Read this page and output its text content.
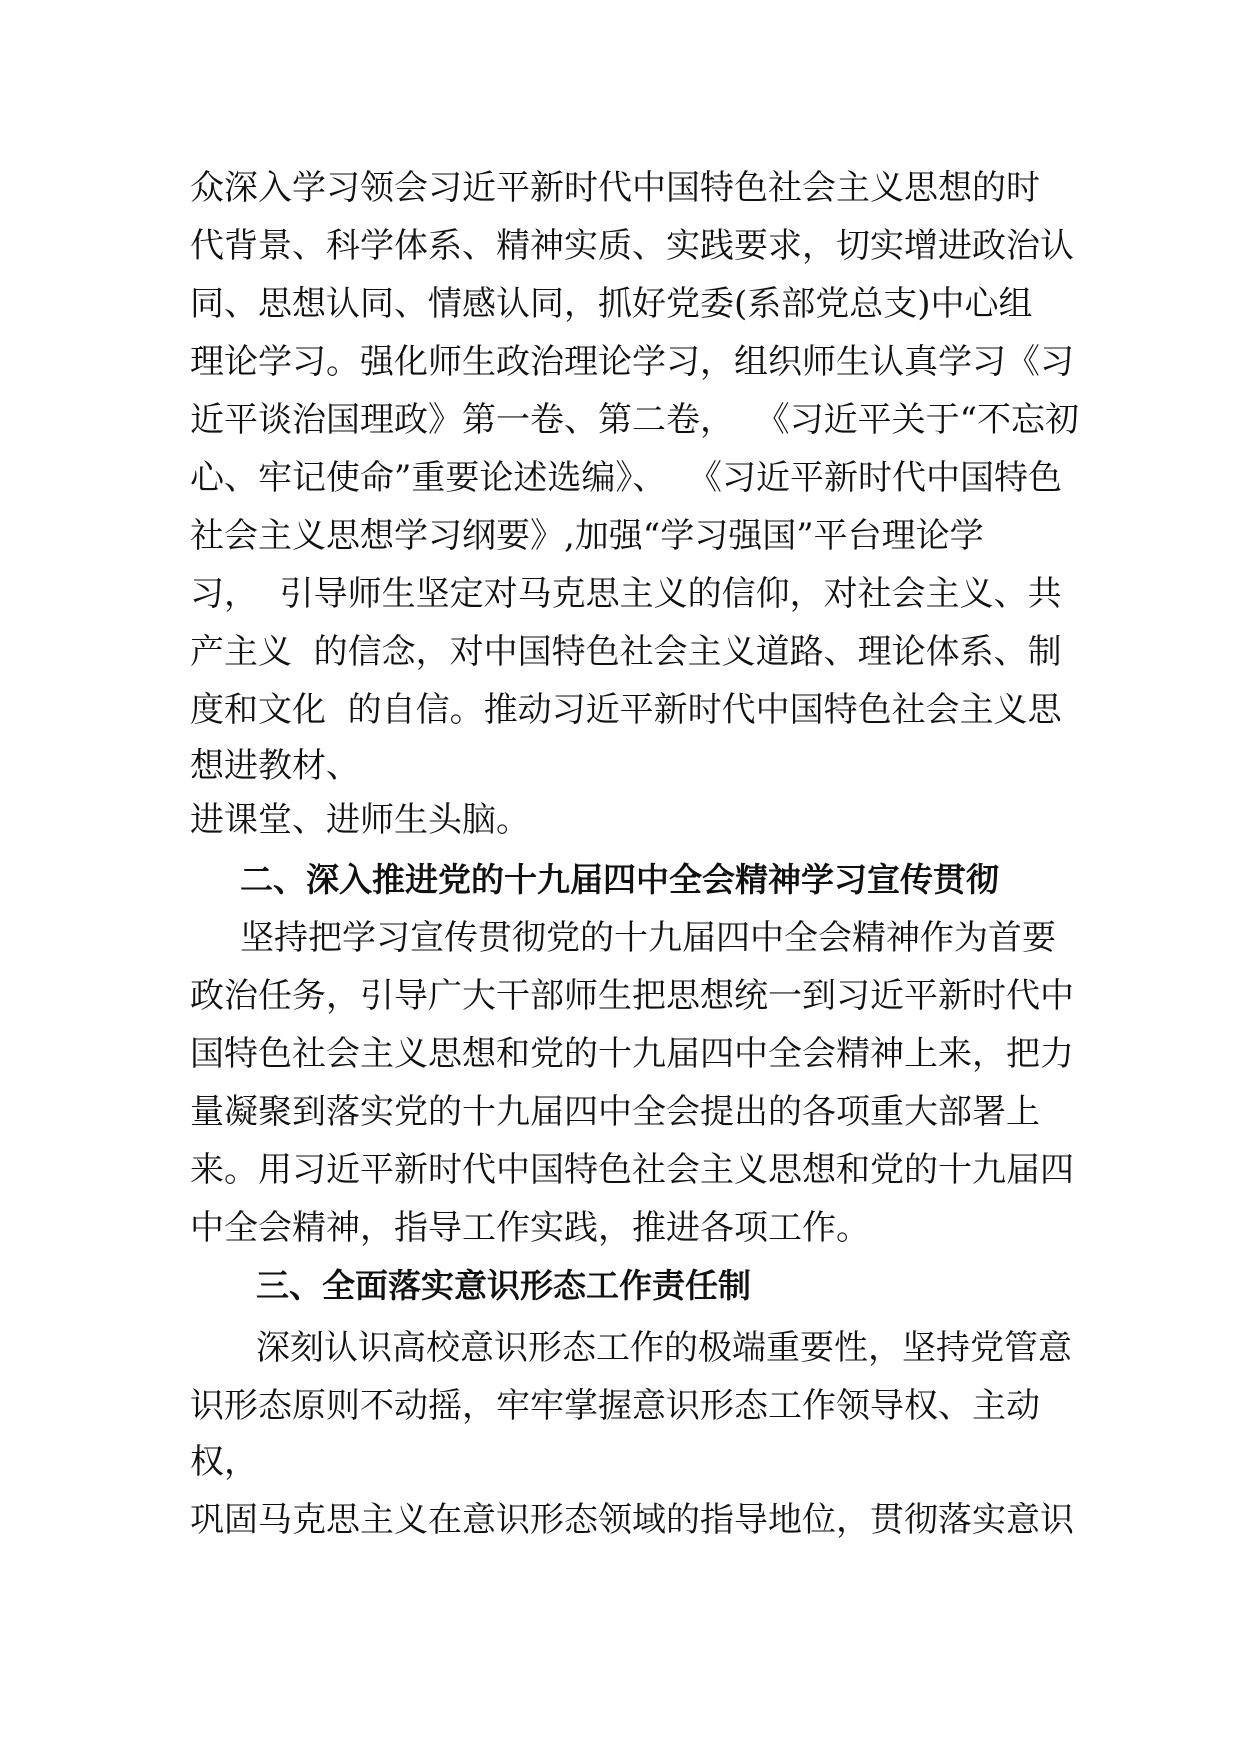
众深入学习领会习近平新时代中国特色社会主义思想的时
代背景、科学体系、精神实质、实践要求，切实增进政治认
同、思想认同、情感认同，抓好党委(系部党总支)中心组
理论学习。强化师生政治理论学习，组织师生认真学习《习
近平谈治国理政》第一卷、第二卷，  《习近平关于“不忘初
心、牢记使命”重要论述选编》、  《习近平新时代中国特色
社会主义思想学习纲要》,加强“学习强国”平台理论学
习，  引导师生坚定对马克思主义的信仰，对社会主义、共
产主义  的信念，对中国特色社会主义道路、理论体系、制
度和文化  的自信。推动习近平新时代中国特色社会主义思
想进教材、
进课堂、进师生头脑。
二、深入推进党的十九届四中全会精神学习宣传贯彻
坚持把学习宣传贯彻党的十九届四中全会精神作为首要
政治任务，引导广大干部师生把思想统一到习近平新时代中
国特色社会主义思想和党的十九届四中全会精神上来，把力
量凝聚到落实党的十九届四中全会提出的各项重大部署上
来。用习近平新时代中国特色社会主义思想和党的十九届四
中全会精神，指导工作实践，推进各项工作。
三、全面落实意识形态工作责任制
深刻认识高校意识形态工作的极端重要性，坚持党管意
识形态原则不动摇，牢牢掌握意识形态工作领导权、主动
权，
巩固马克思主义在意识形态领域的指导地位，贯彻落实意识
